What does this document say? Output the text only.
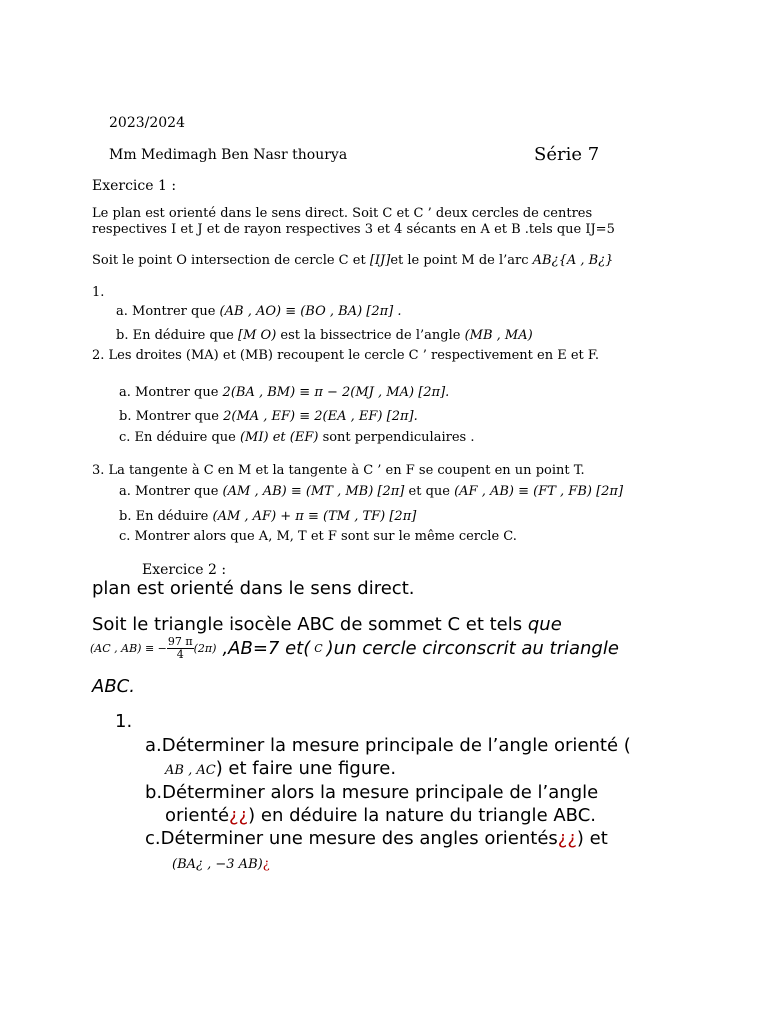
2023/2024
Mm Medimagh Ben Nasr thourya	Série 7
Exercice 1 :
Le plan est orienté dans le sens direct. Soit C et C ’ deux cercles de centres
respectives I et J et de rayon respectives 3 et 4 sécants en A et B .tels que IJ=5
Soit le point O intersection de cercle C et [IJ]et le point M de l’arc AB¿{A , B¿}
1.
a. Montrer que (AB , AO) ≡ (BO , BA) [2π] .
b. En déduire que [M O) est la bissectrice de l’angle (MB , MA)
2. Les droites (MA) et (MB) recoupent le cercle C ’ respectivement en E et F.
a. Montrer que 2(BA , BM) ≡ π − 2(MJ , MA) [2π].
b. Montrer que 2(MA , EF) ≡ 2(EA , EF) [2π].
c. En déduire que (MI) et (EF) sont perpendiculaires .
3. La tangente à C en M et la tangente à C ’ en F se coupent en un point T.
a. Montrer que (AM , AB) ≡ (MT , MB) [2π] et que (AF , AB) ≡ (FT , FB) [2π]
b. En déduire (AM , AF) + π ≡ (TM , TF) [2π]
c. Montrer alors que A, M, T et F sont sur le même cercle C.
Exercice 2 :
plan est orienté dans le sens direct.
Soit le triangle isocèle ABC de sommet C et tels que
(AC , AB) ≡ − $\frac{97 \pi}{4} (2\pi)$ ,AB=7 et( C )un cercle circonscrit au triangle
ABC.
1.
a.Déterminer la mesure principale de l’angle orienté (
AB , AC) et faire une figure.
b.Déterminer alors la mesure principale de l’angle
orienté¿¿) en déduire la nature du triangle ABC.
c.Déterminer une mesure des angles orientés¿¿) et
(BA¿ , −3 AB)¿
